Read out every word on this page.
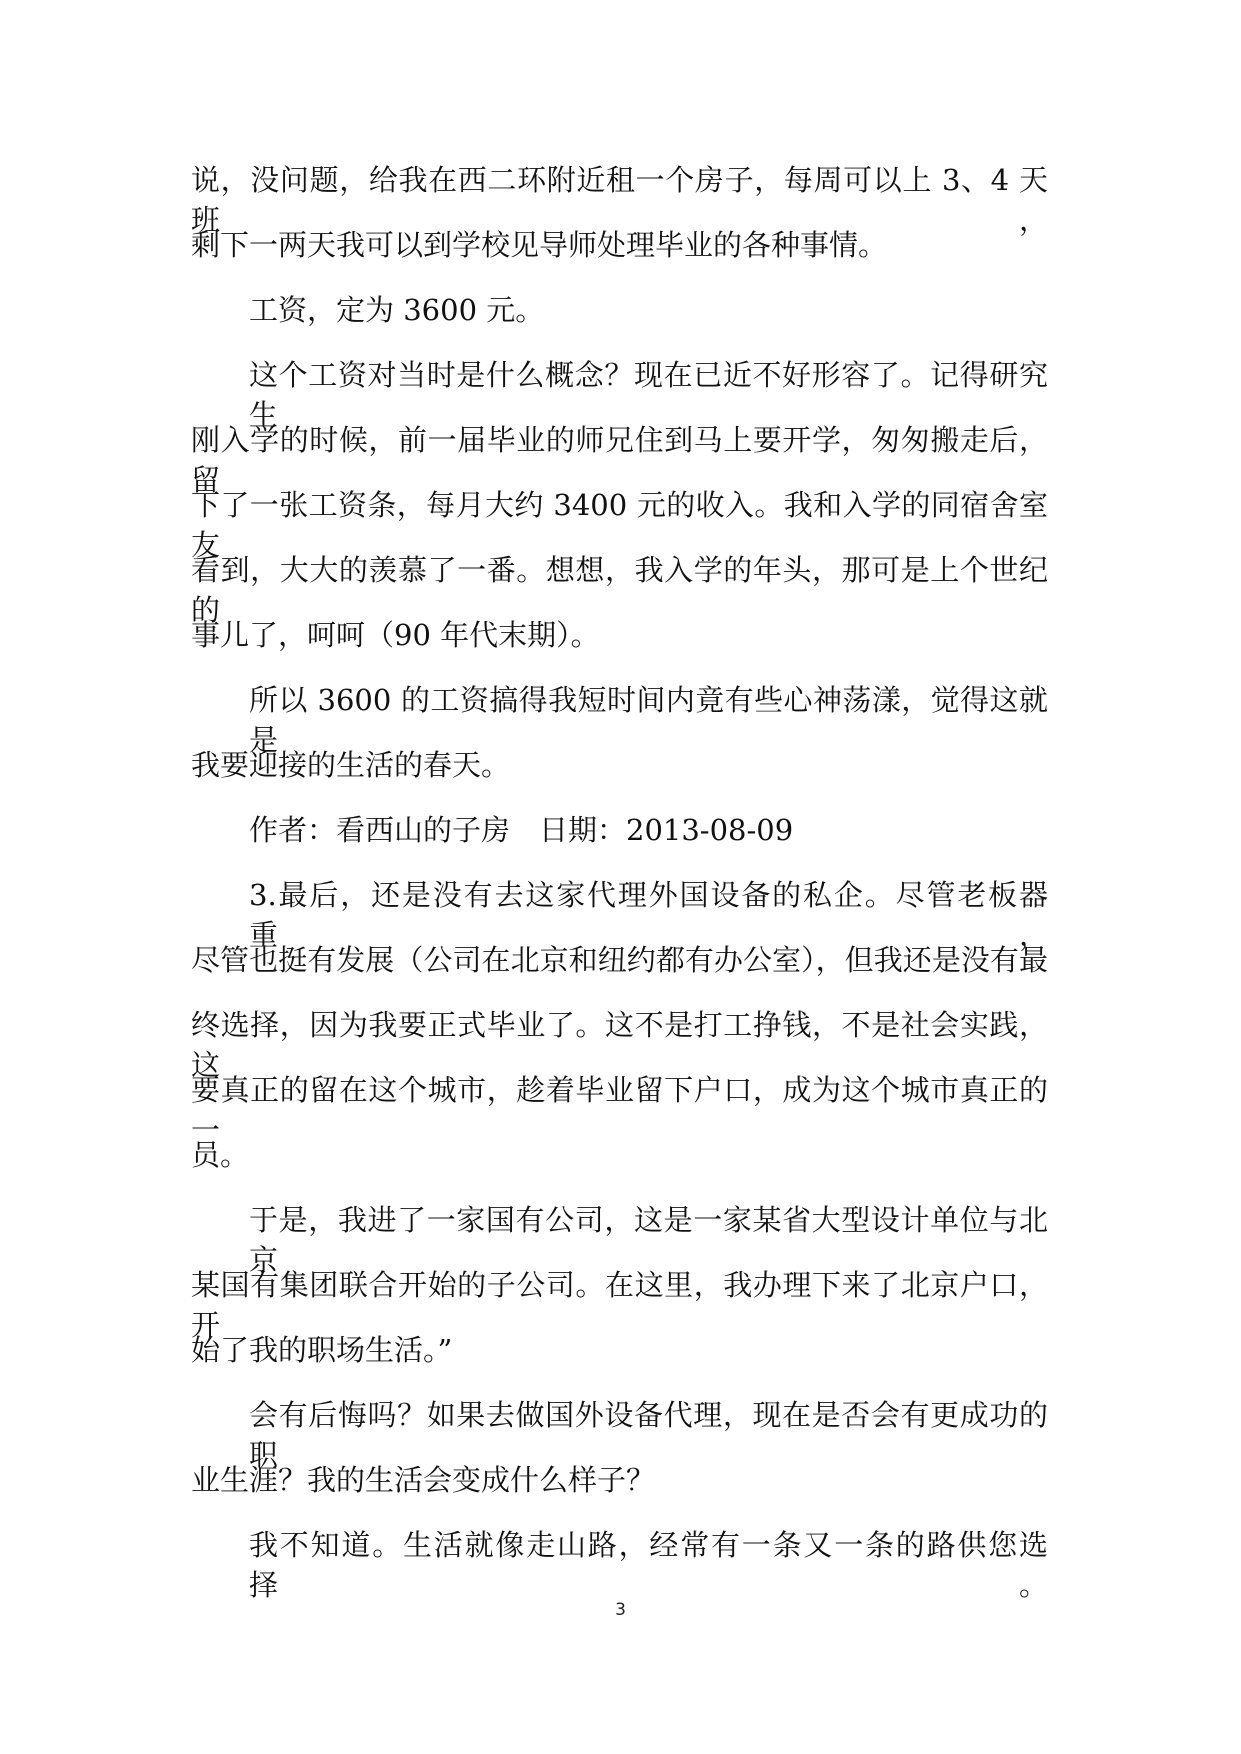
说，没问题，给我在西二环附近租一个房子，每周可以上 3、4 天班，
剩下一两天我可以到学校见导师处理毕业的各种事情。
工资，定为 3600 元。
这个工资对当时是什么概念？现在已近不好形容了。记得研究生
刚入学的时候，前一届毕业的师兄住到马上要开学，匆匆搬走后，留
下了一张工资条，每月大约 3400 元的收入。我和入学的同宿舍室友
看到，大大的羡慕了一番。想想，我入学的年头，那可是上个世纪的
事儿了，呵呵（90 年代末期）。
所以 3600 的工资搞得我短时间内竟有些心神荡漾，觉得这就是
我要迎接的生活的春天。
作者：看西山的子房　日期：2013-08-09
3.最后，还是没有去这家代理外国设备的私企。尽管老板器重，
尽管也挺有发展（公司在北京和纽约都有办公室），但我还是没有最
终选择，因为我要正式毕业了。这不是打工挣钱，不是社会实践，这
要真正的留在这个城市，趁着毕业留下户口，成为这个城市真正的一
员。
于是，我进了一家国有公司，这是一家某省大型设计单位与北京
某国有集团联合开始的子公司。在这里，我办理下来了北京户口，开
始了我的职场生活。”
会有后悔吗？如果去做国外设备代理，现在是否会有更成功的职
业生涯？我的生活会变成什么样子？
我不知道。生活就像走山路，经常有一条又一条的路供您选择。
3
